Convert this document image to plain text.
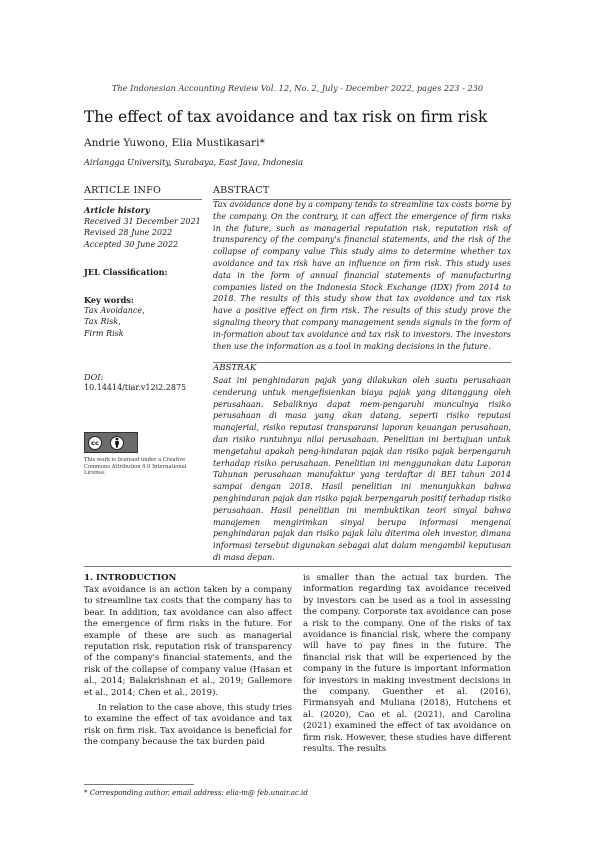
The Indonesian Accounting Review Vol. 12, No. 2, July - December 2022, pages 223 - 230
The effect of tax avoidance and tax risk on firm risk
Andrie Yuwono, Elia Mustikasari*
Airlangga University, Surabaya, East Java, Indonesia
ARTICLE INFO
Article history
Received 31 December 2021
Revised 28 June 2022
Accepted 30 June 2022
JEL Classification:
Key words:
Tax Avoidance,
Tax Risk,
Firm Risk
DOI:
10.14414/tiar.v12i2.2875
cc
This work is licensed under a Creative Commons Attribution 4.0 International License.
ABSTRACT
Tax avoidance done by a company tends to streamline tax costs borne by the company. On the contrary, it can affect the emergence of firm risks in the future, such as managerial reputation risk, reputation risk of transparency of the company's financial statements, and the risk of the collapse of company value This study aims to determine whether tax avoidance and tax risk have an influence on firm risk. This study uses data in the form of annual financial statements of manufacturing companies listed on the Indonesia Stock Exchange (IDX) from 2014 to 2018. The results of this study show that tax avoidance and tax risk have a positive effect on firm risk. The results of this study prove the signaling theory that company management sends signals in the form of in-formation about tax avoidance and tax risk to investors. The investors then use the information as a tool in making decisions in the future.
ABSTRAK
Saat ini penghindaran pajak yang dilakukan oleh suatu perusahaan cenderung untuk mengefisienkan biaya pajak yang ditanggung oleh perusahaan. Sebaliknya dapat mem-pengaruhi munculnya risiko perusahaan di masa yang akan datang, seperti risiko reputasi manajerial, risiko reputasi transparansi laporan keuangan perusahaan, dan risiko runtuhnya nilai perusahaan. Penelitian ini bertujuan untuk mengetahui apakah peng-hindaran pajak dan risiko pajak berpengaruh terhadap risiko perusahaan. Penelitian ini menggunakan data Laporan Tahunan perusahaan manufaktur yang terdaftar di BEI tahun 2014 sampai dengan 2018. Hasil penelitian ini menunjukkan bahwa penghindaran pajak dan risiko pajak berpengaruh positif terhadap risiko perusahaan. Hasil penelitian ini membuktikan teori sinyal bahwa manajemen mengirimkan sinyal berupa informasi mengenai penghindaran pajak dan risiko pajak lalu diterima oleh investor, dimana informasi tersebut digunakan sebagai alat dalam mengambil keputusan di masa depan.
1. INTRODUCTION

Tax avoidance is an action taken by a company to streamline tax costs that the company has to bear. In addition, tax avoidance can also affect the emergence of firm risks in the future. For example of these are such as managerial reputation risk, reputation risk of transparency of the company's financial statements, and the risk of the collapse of company value (Hasan et al., 2014; Balakrishnan et al., 2019; Gallemore et al., 2014; Chen et al., 2019).

In relation to the case above, this study tries to examine the effect of tax avoidance and tax risk on firm risk. Tax avoidance is beneficial for the company because the tax burden paid

is smaller than the actual tax burden. The information regarding tax avoidance received by investors can be used as a tool in assessing the company. Corporate tax avoidance can pose a risk to the company. One of the risks of tax avoidance is financial risk, where the company will have to pay fines in the future. The financial risk that will be experienced by the company in the future is important information for investors in making investment decisions in the company. Guenther et al. (2016), Firmansyah and Muliana (2018), Hutchens et al. (2020), Cao et al. (2021), and Carolina (2021) examined the effect of tax avoidance on firm risk. However, these studies have different results. The results

* Corresponding author, email address: elia-m@ feb.unair.ac.id
